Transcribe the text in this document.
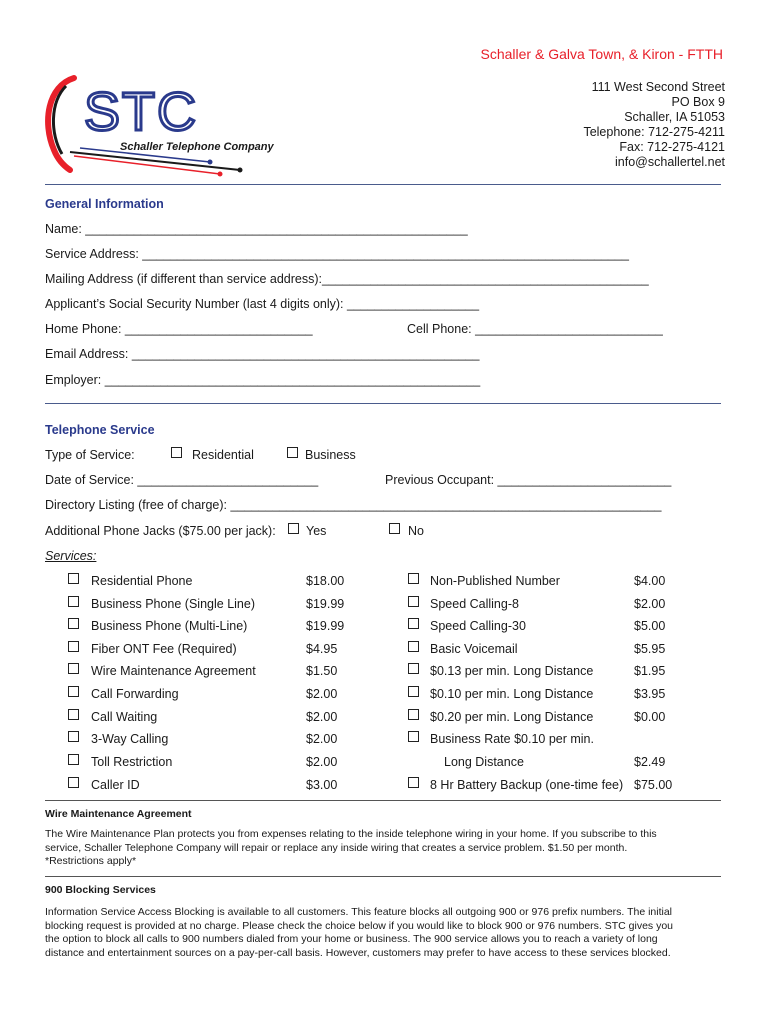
Schaller & Galva Town, & Kiron - FTTH
111 West Second Street
PO Box 9
Schaller, IA 51053
Telephone: 712-275-4211
Fax: 712-275-4121
info@schallertel.net
STC
Schaller Telephone Company
General Information
Name: _______________________________________________________
Service Address: ______________________________________________________________________
Mailing Address (if different than service address):_______________________________________________
Applicant’s Social Security Number (last 4 digits only): ___________________
Home Phone: ___________________________	Cell Phone: ___________________________
Email Address: __________________________________________________
Employer: ______________________________________________________
Telephone Service
Type of Service:	Residential	Business
Date of Service: __________________________	Previous Occupant: _________________________
Directory Listing (free of charge): ______________________________________________________________
Additional Phone Jacks ($75.00 per jack): Yes	No
Services:
Residential Phone	$18.00
Business Phone (Single Line)	$19.99
Business Phone (Multi-Line)	$19.99
Fiber ONT Fee (Required)	$4.95
Wire Maintenance Agreement	$1.50
Call Forwarding	$2.00
Call Waiting	$2.00
3-Way Calling	$2.00
Toll Restriction	$2.00
Caller ID	$3.00
Non-Published Number	$4.00
Speed Calling-8	$2.00
Speed Calling-30	$5.00
Basic Voicemail	$5.95
$0.13 per min. Long Distance	$1.95
$0.10 per min. Long Distance	$3.95
$0.20 per min. Long Distance	$0.00
Business Rate $0.10 per min.
Long Distance	$2.49
8 Hr Battery Backup (one-time fee) $75.00
Wire Maintenance Agreement
The Wire Maintenance Plan protects you from expenses relating to the inside telephone wiring in your home. If you subscribe to this
service, Schaller Telephone Company will repair or replace any inside wiring that creates a service problem. $1.50 per month.
*Restrictions apply*
900 Blocking Services
Information Service Access Blocking is available to all customers. This feature blocks all outgoing 900 or 976 prefix numbers. The initial
blocking request is provided at no charge. Please check the choice below if you would like to block 900 or 976 numbers. STC gives you
the option to block all calls to 900 numbers dialed from your home or business. The 900 service allows you to reach a variety of long
distance and entertainment sources on a pay-per-call basis. However, customers may prefer to have access to these services blocked.
